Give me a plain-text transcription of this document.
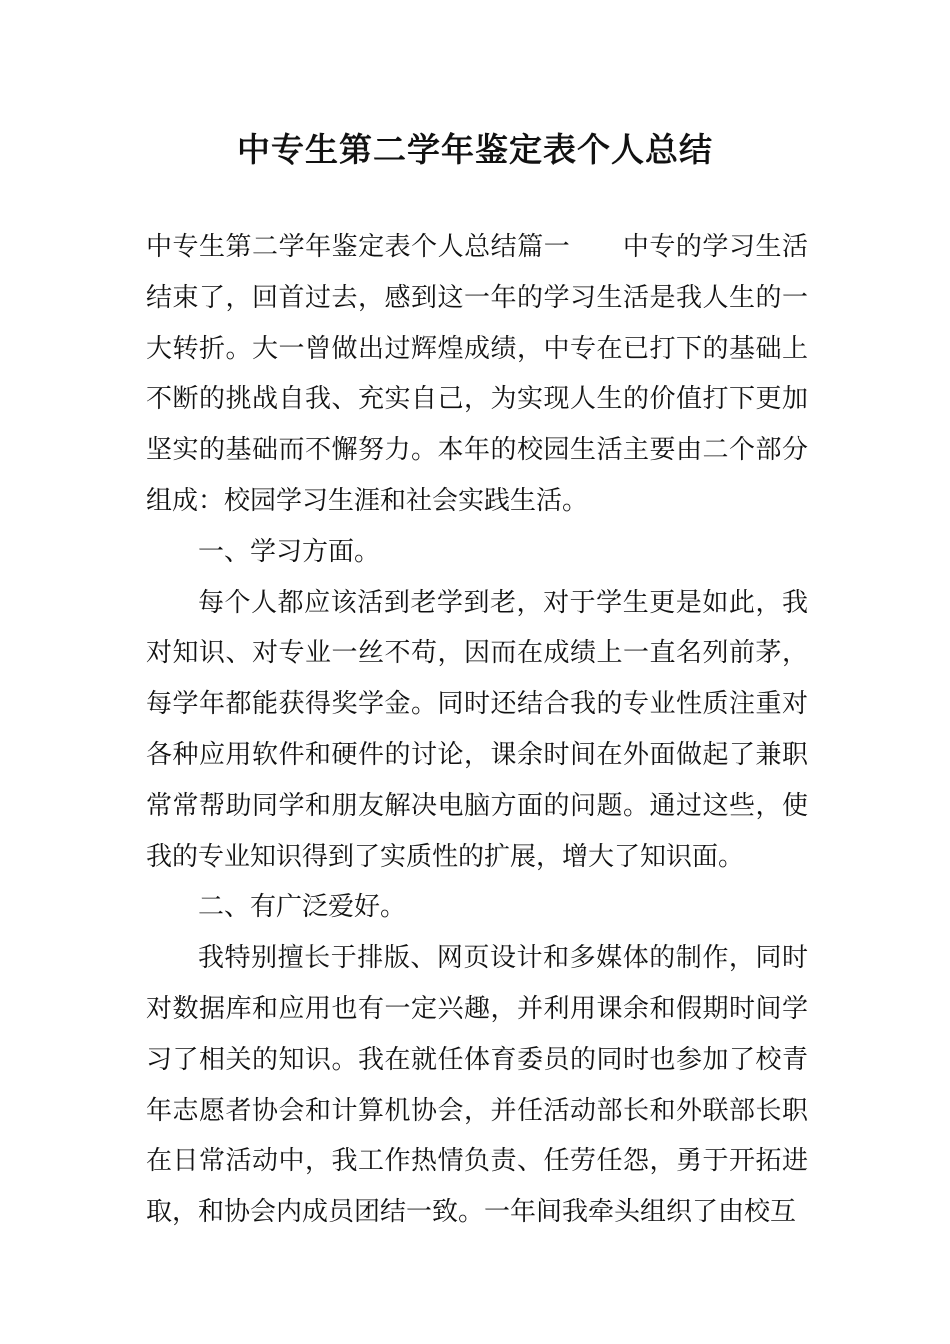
中专生第二学年鉴定表个人总结

中专生第二学年鉴定表个人总结篇一 中专的学习生活结束了，回首过去，感到这一年的学习生活是我人生的一大转折。大一曾做出过辉煌成绩，中专在已打下的基础上不断的挑战自我、充实自己，为实现人生的价值打下更加坚实的基础而不懈努力。本年的校园生活主要由二个部分组成：校园学习生涯和社会实践生活。

一、学习方面。

每个人都应该活到老学到老，对于学生更是如此，我对知识、对专业一丝不苟，因而在成绩上一直名列前茅，每学年都能获得奖学金。同时还结合我的专业性质注重对各种应用软件和硬件的讨论，课余时间在外面做起了兼职常常帮助同学和朋友解决电脑方面的问题。通过这些，使我的专业知识得到了实质性的扩展，增大了知识面。

二、有广泛爱好。

我特别擅长于排版、网页设计和多媒体的制作，同时对数据库和应用也有一定兴趣，并利用课余和假期时间学习了相关的知识。我在就任体育委员的同时也参加了校青年志愿者协会和计算机协会，并任活动部长和外联部长职在日常活动中，我工作热情负责、任劳任怨，勇于开拓进取，和协会内成员团结一致。一年间我牵头组织了由校互
